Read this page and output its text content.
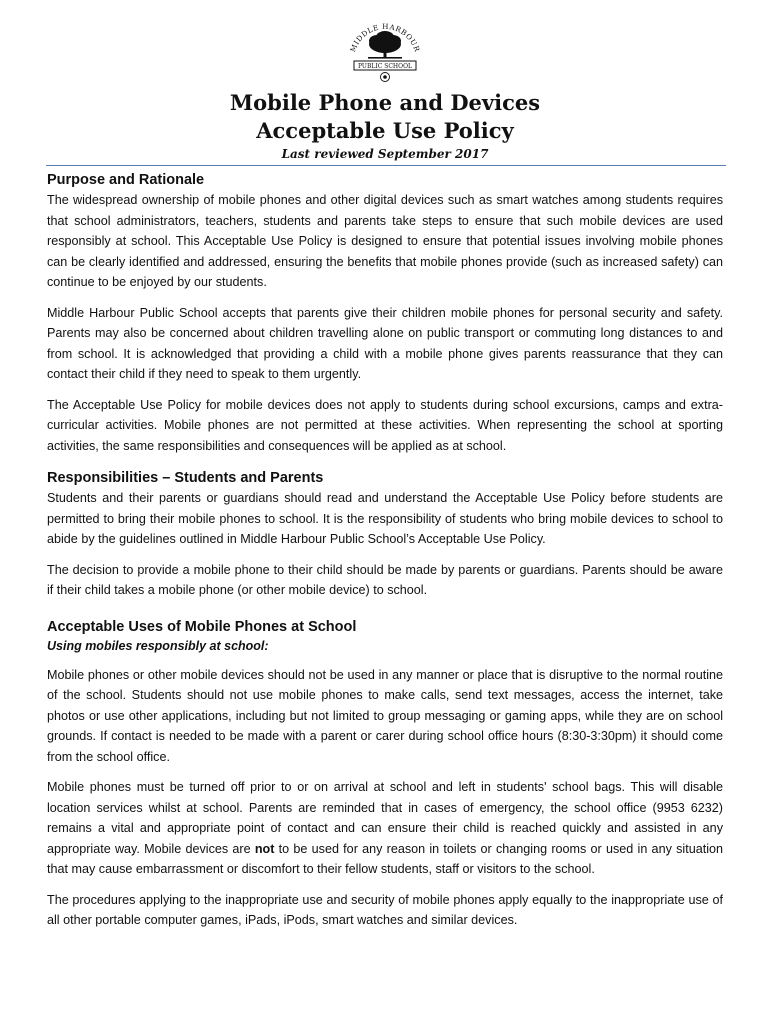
MIDDLE HARBOUR
PUBLIC SCHOOL
Mobile Phone and Devices
Acceptable Use Policy
Last reviewed September 2017
Purpose and Rationale

The widespread ownership of mobile phones and other digital devices such as smart watches among students requires that school administrators, teachers, students and parents take steps to ensure that such mobile devices are used responsibly at school. This Acceptable Use Policy is designed to ensure that potential issues involving mobile phones can be clearly identified and addressed, ensuring the benefits that mobile phones provide (such as increased safety) can continue to be enjoyed by our students.

Middle Harbour Public School accepts that parents give their children mobile phones for personal security and safety. Parents may also be concerned about children travelling alone on public transport or commuting long distances to and from school. It is acknowledged that providing a child with a mobile phone gives parents reassurance that they can contact their child if they need to speak to them urgently.

The Acceptable Use Policy for mobile devices does not apply to students during school excursions, camps and extra-curricular activities. Mobile phones are not permitted at these activities. When representing the school at sporting activities, the same responsibilities and consequences will be applied as at school.

Responsibilities – Students and Parents

Students and their parents or guardians should read and understand the Acceptable Use Policy before students are permitted to bring their mobile phones to school. It is the responsibility of students who bring mobile devices to school to abide by the guidelines outlined in Middle Harbour Public School’s Acceptable Use Policy.

The decision to provide a mobile phone to their child should be made by parents or guardians. Parents should be aware if their child takes a mobile phone (or other mobile device) to school.

Acceptable Uses of Mobile Phones at School
Using mobiles responsibly at school:

Mobile phones or other mobile devices should not be used in any manner or place that is disruptive to the normal routine of the school. Students should not use mobile phones to make calls, send text messages, access the internet, take photos or use other applications, including but not limited to group messaging or gaming apps, while they are on school grounds. If contact is needed to be made with a parent or carer during school office hours (8:30-3:30pm) it should come from the school office.

Mobile phones must be turned off prior to or on arrival at school and left in students' school bags. This will disable location services whilst at school. Parents are reminded that in cases of emergency, the school office (9953 6232) remains a vital and appropriate point of contact and can ensure their child is reached quickly and assisted in any appropriate way. Mobile devices are not to be used for any reason in toilets or changing rooms or used in any situation that may cause embarrassment or discomfort to their fellow students, staff or visitors to the school.

The procedures applying to the inappropriate use and security of mobile phones apply equally to the inappropriate use of all other portable computer games, iPads, iPods, smart watches and similar devices.
